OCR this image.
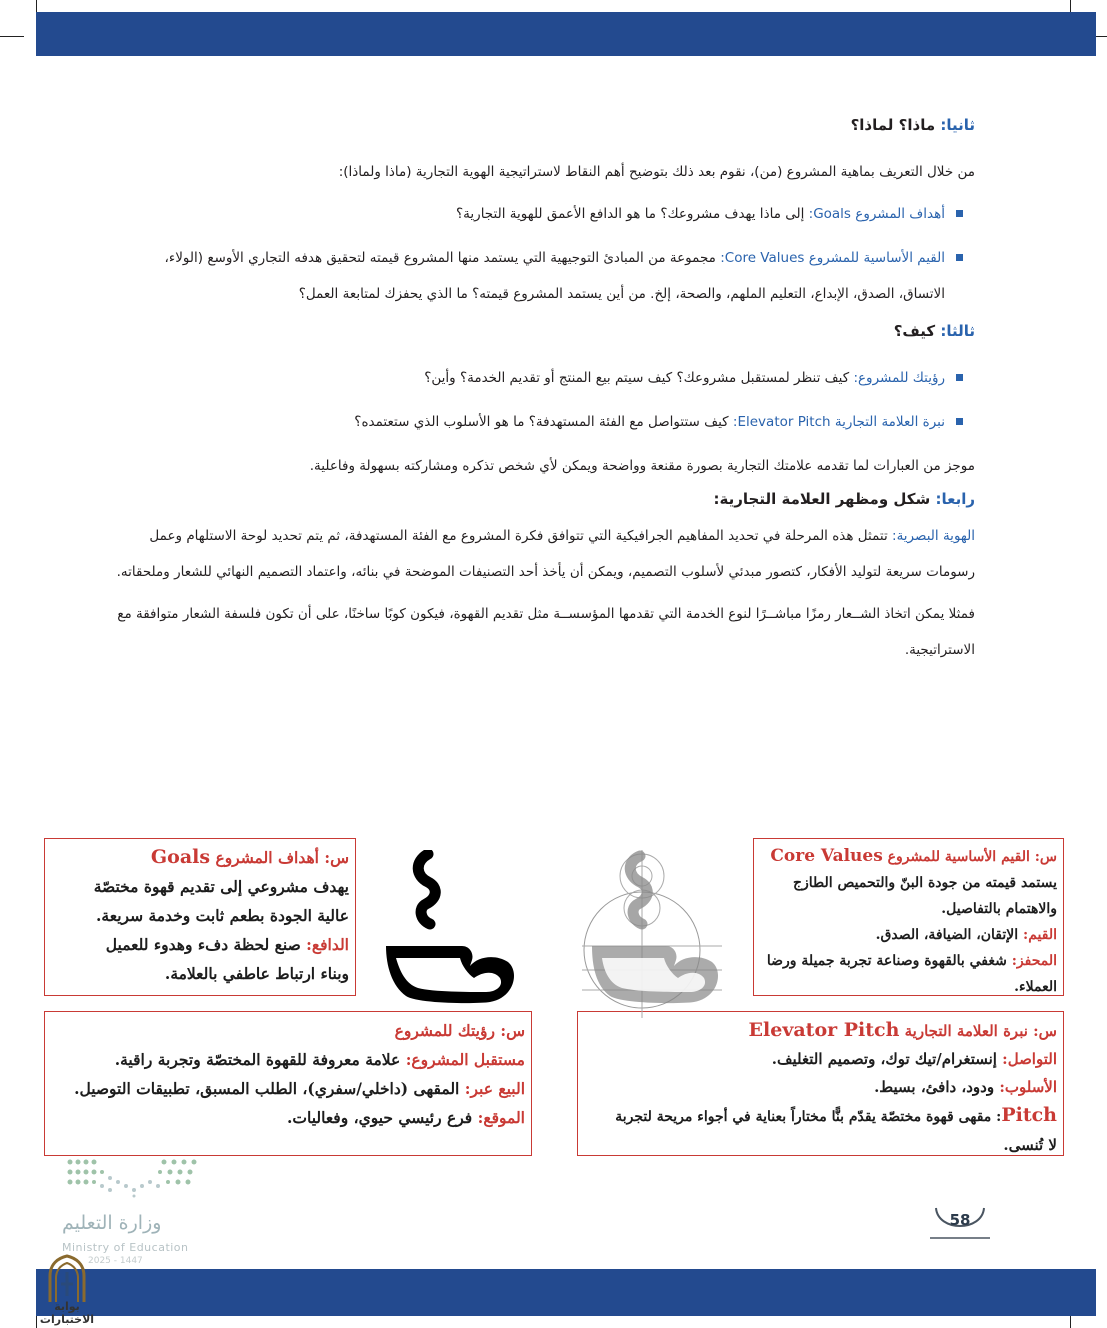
ثانيا: ماذا؟ لماذا؟
من خلال التعريف بماهية المشروع (من)، نقوم بعد ذلك بتوضيح أهم النقاط لاستراتيجية الهوية التجارية (ماذا ولماذا):
أهداف المشروع Goals: إلى ماذا يهدف مشروعك؟ ما هو الدافع الأعمق للهوية التجارية؟
القيم الأساسية للمشروع Core Values: مجموعة من المبادئ التوجيهية التي يستمد منها المشروع قيمته لتحقيق هدفه التجاري الأوسع (الولاء، الاتساق، الصدق، الإبداع، التعليم الملهم، والصحة، إلخ. من أين يستمد المشروع قيمته؟ ما الذي يحفزك لمتابعة العمل؟
ثالثا: كيف؟
رؤيتك للمشروع: كيف تنظر لمستقبل مشروعك؟ كيف سيتم بيع المنتج أو تقديم الخدمة؟ وأين؟
نبرة العلامة التجارية Elevator Pitch: كيف ستتواصل مع الفئة المستهدفة؟ ما هو الأسلوب الذي ستعتمده؟
موجز من العبارات لما تقدمه علامتك التجارية بصورة مقنعة وواضحة ويمكن لأي شخص تذكره ومشاركته بسهولة وفاعلية.
رابعا: شكل ومظهر العلامة التجارية:
الهوية البصرية: تتمثل هذه المرحلة في تحديد المفاهيم الجرافيكية التي تتوافق فكرة المشروع مع الفئة المستهدفة، ثم يتم تحديد لوحة الاستلهام وعمل رسومات سريعة لتوليد الأفكار، كتصور مبدئي لأسلوب التصميم، ويمكن أن يأخذ أحد التصنيفات الموضحة في بنائه، واعتماد التصميم النهائي للشعار وملحقاته.
فمثلا يمكن اتخاذ الشــعار رمزًا مباشــرًا لنوع الخدمة التي تقدمها المؤسســة مثل تقديم القهوة، فيكون كوبًا ساخنًا، على أن تكون فلسفة الشعار متوافقة مع الاستراتيجية.
س: أهداف المشروع Goals
يهدف مشروعي إلى تقديم قهوة مختصّة
عالية الجودة بطعم ثابت وخدمة سريعة.
الدافع: صنع لحظة دفء وهدوء للعميل
وبناء ارتباط عاطفي بالعلامة.
س: رؤيتك للمشروع
مستقبل المشروع: علامة معروفة للقهوة المختصّة وتجربة راقية.
البيع عبر: المقهى (داخلي/سفري)، الطلب المسبق، تطبيقات التوصيل.
الموقع: فرع رئيسي حيوي، وفعاليات.
س: القيم الأساسية للمشروع Core Values
يستمد قيمته من جودة البنّ والتحميص الطازج
والاهتمام بالتفاصيل.
القيم: الإتقان، الضيافة، الصدق.
المحفز: شغفي بالقهوة وصناعة تجربة جميلة ورضا
العملاء.
س: نبرة العلامة التجارية Elevator Pitch
التواصل: إنستغرام/تيك توك، وتصميم التغليف.
الأسلوب: ودود، دافئ، بسيط.
Pitch: مقهى قهوة مختصّة يقدّم بنًّا مختاراً بعناية في أجواء مريحة لتجربة
لا تُنسى.
وزارة التعليم
Ministry of Education
2025 - 1447
58
بوابة الاختبارات
